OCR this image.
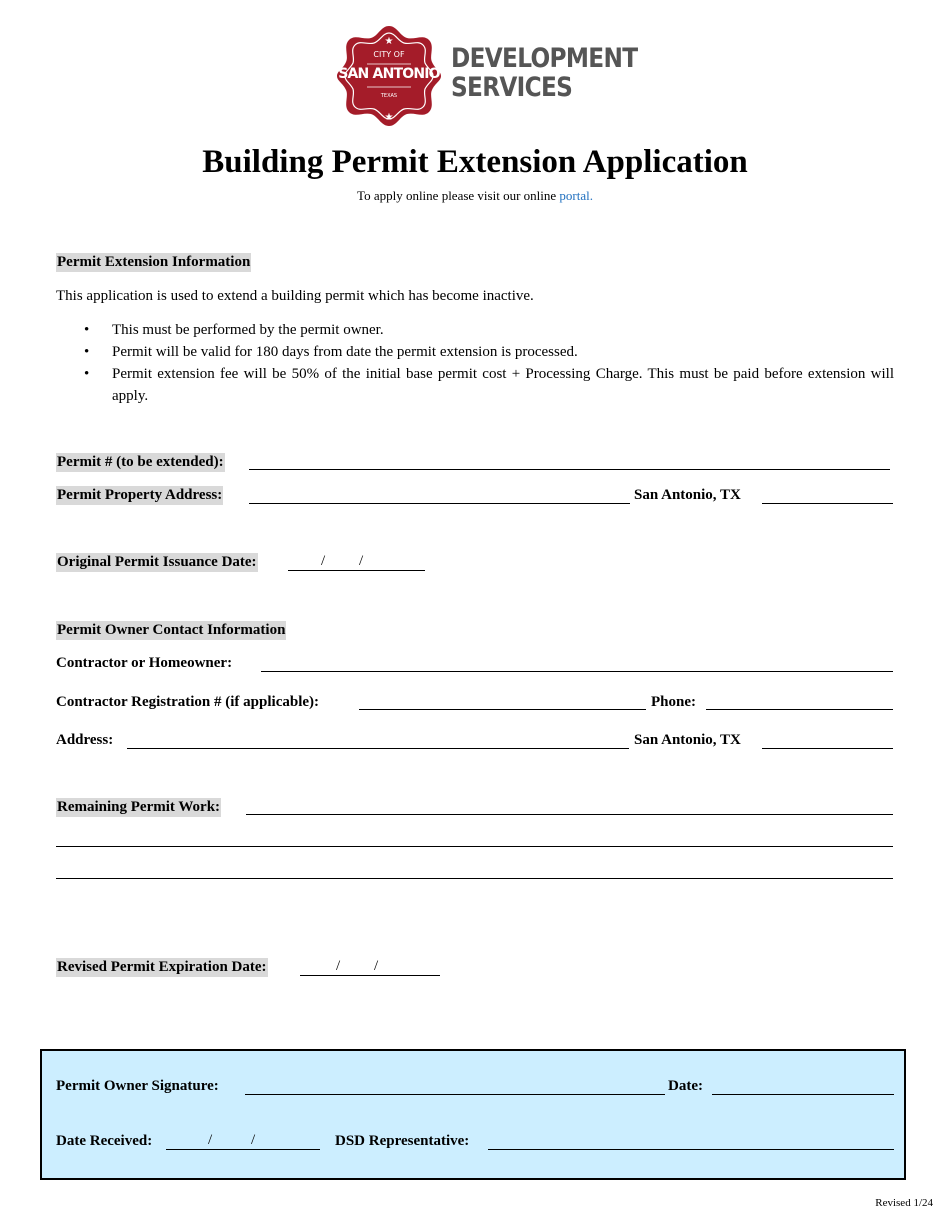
★
★
CITY OF
SAN ANTONIO
TEXAS
DEVELOPMENT
SERVICES
Building Permit Extension Application
To apply online please visit our online portal.
Permit Extension Information
This application is used to extend a building permit which has become inactive.
• This must be performed by the permit owner.
• Permit will be valid for 180 days from date the permit extension is processed.
• Permit extension fee will be 50% of the initial base permit cost + Processing Charge. This must be paid before extension will apply.
Permit # (to be extended):
Permit Property Address:	San Antonio, TX
Original Permit Issuance Date:	/ /
Permit Owner Contact Information
Contractor or Homeowner:
Contractor Registration # (if applicable):	Phone:
Address:	San Antonio, TX
Remaining Permit Work:
Revised Permit Expiration Date:	/ /
Permit Owner Signature:	Date:
Date Received:	/	/	DSD Representative:
Revised 1/24
